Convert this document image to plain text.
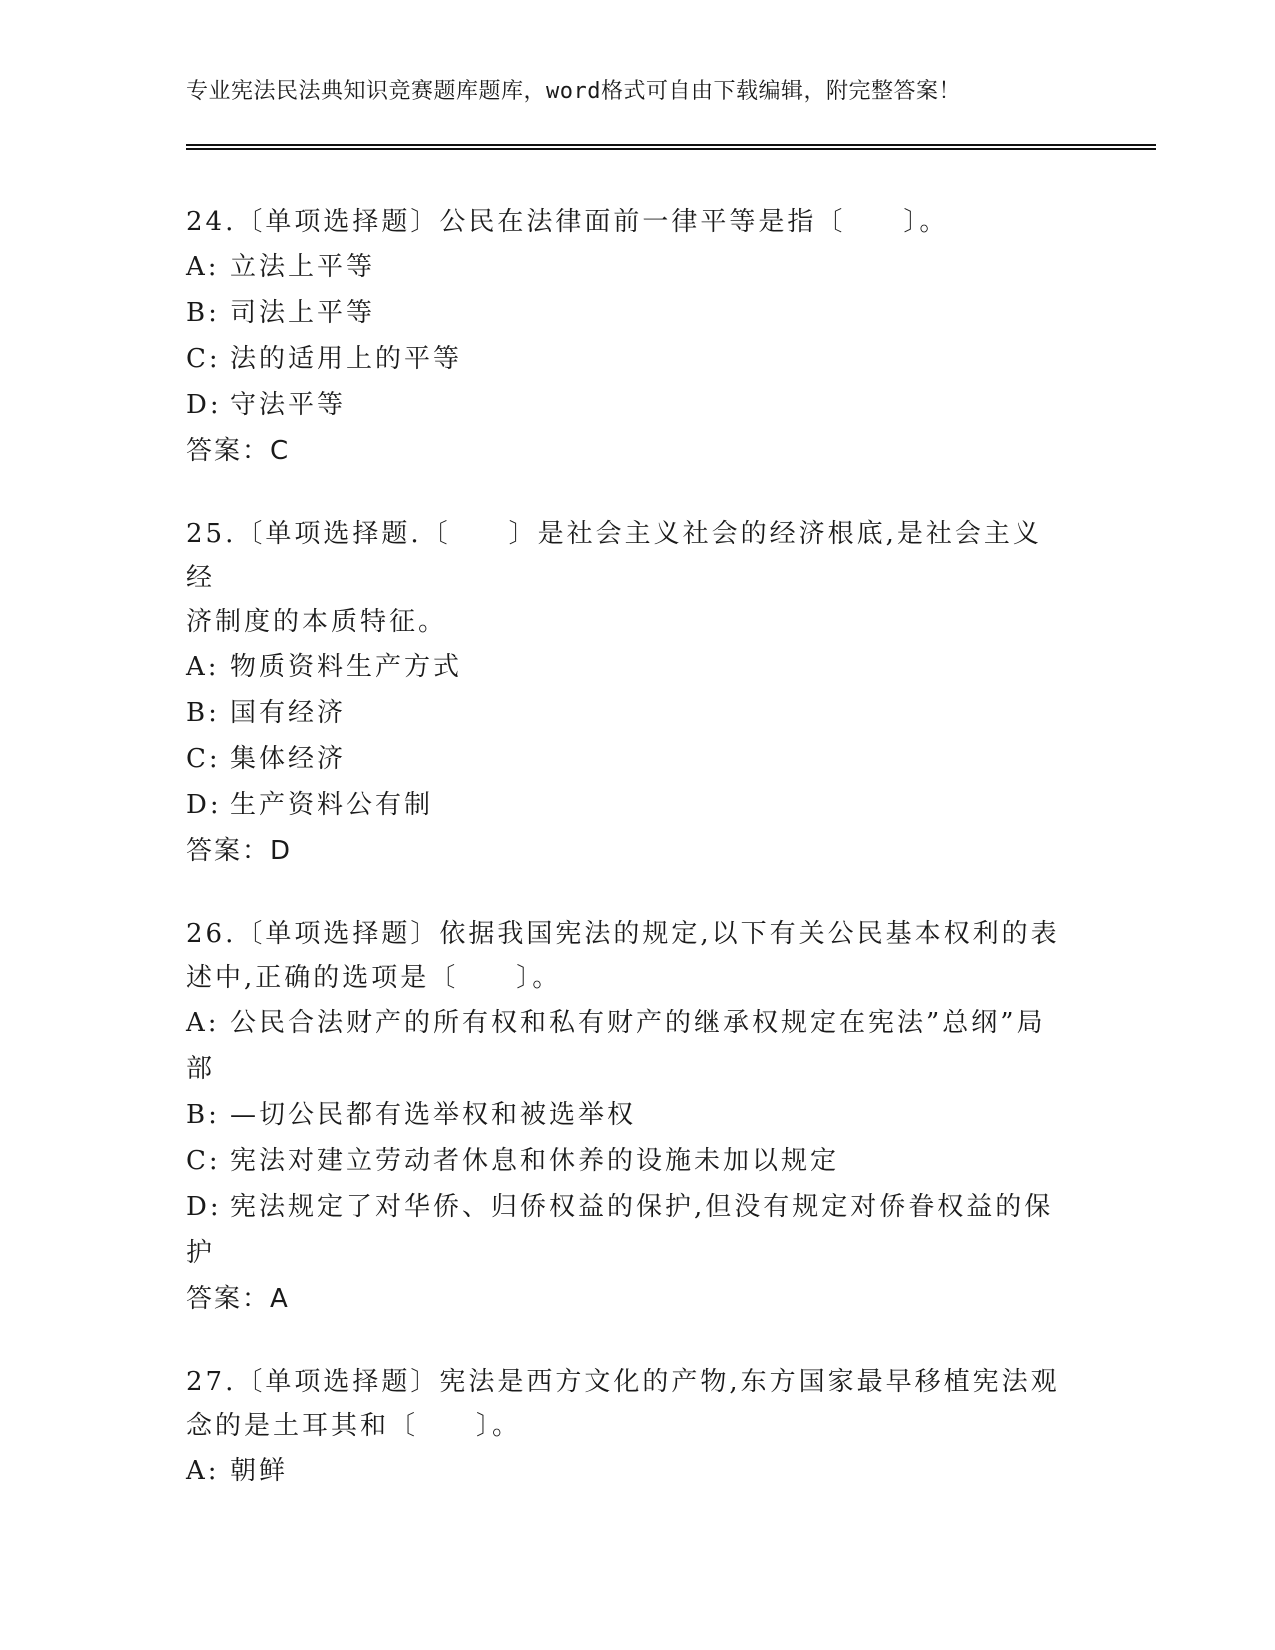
专业宪法民法典知识竞赛题库题库，word格式可自由下载编辑，附完整答案！
24.〔单项选择题〕公民在法律面前一律平等是指〔　　〕。
A: 立法上平等
B: 司法上平等
C: 法的适用上的平等
D: 守法平等
答案：C
25.〔单项选择题.〔　　〕是社会主义社会的经济根底,是社会主义经
济制度的本质特征。
A: 物质资料生产方式
B: 国有经济
C: 集体经济
D: 生产资料公有制
答案：D
26.〔单项选择题〕依据我国宪法的规定,以下有关公民基本权利的表
述中,正确的选项是〔　　〕。
A: 公民合法财产的所有权和私有财产的继承权规定在宪法”总纲”局
部
B: —切公民都有选举权和被选举权
C: 宪法对建立劳动者休息和休养的设施未加以规定
D: 宪法规定了对华侨、归侨权益的保护,但没有规定对侨眷权益的保
护
答案：A
27.〔单项选择题〕宪法是西方文化的产物,东方国家最早移植宪法观
念的是土耳其和〔　　〕。
A: 朝鲜
